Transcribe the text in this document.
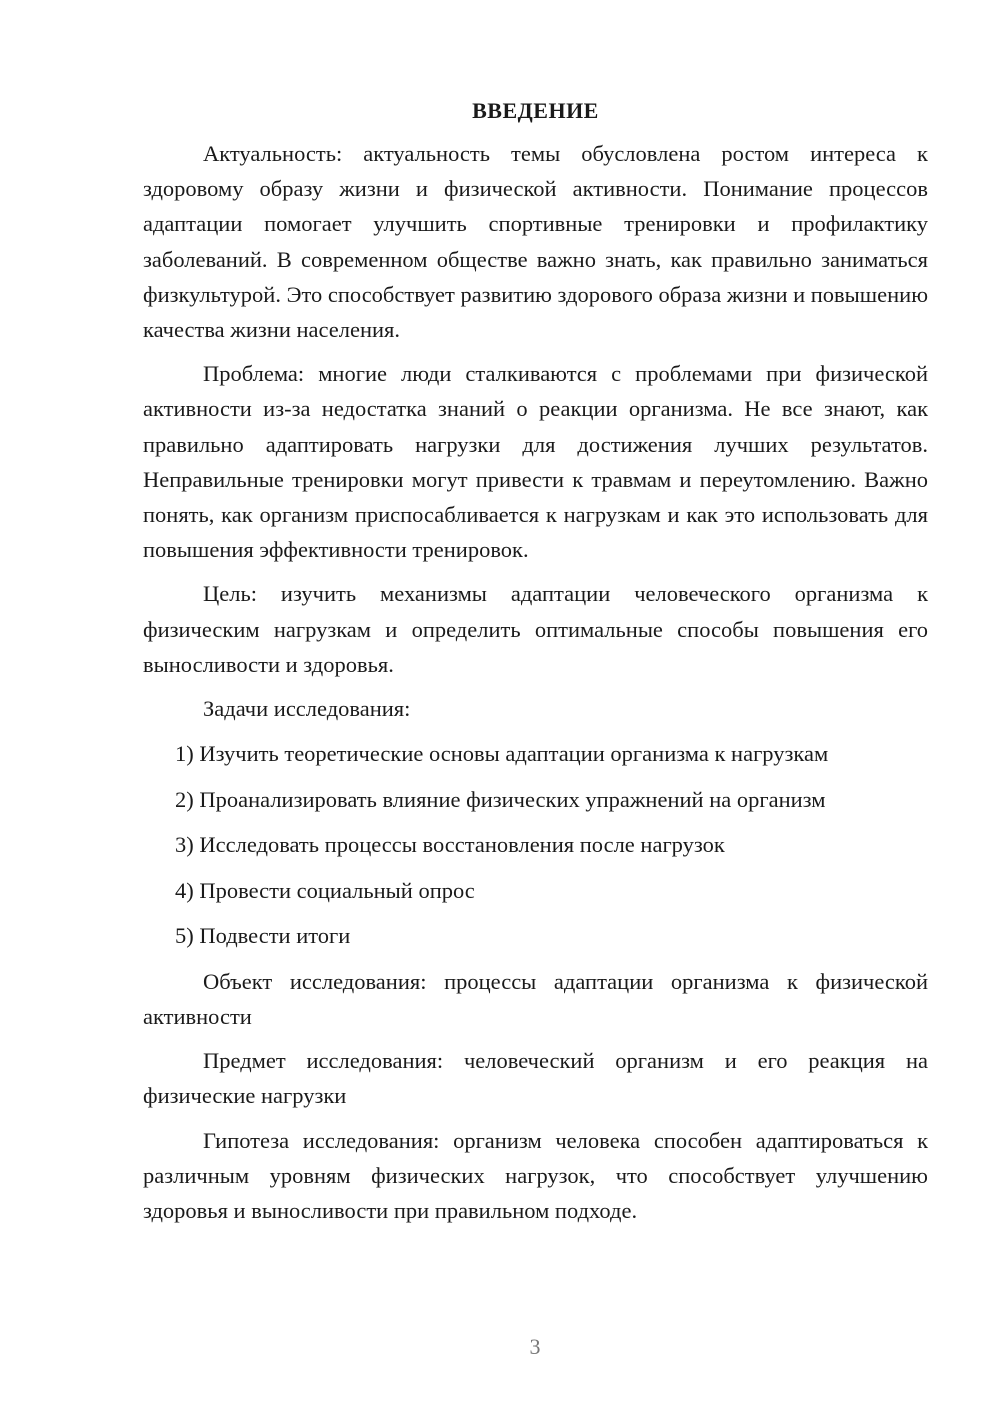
ВВЕДЕНИЕ

Актуальность: актуальность темы обусловлена ростом интереса к здоровому образу жизни и физической активности. Понимание процессов адаптации помогает улучшить спортивные тренировки и профилактику заболеваний. В современном обществе важно знать, как правильно заниматься физкультурой. Это способствует развитию здорового образа жизни и повышению качества жизни населения.

Проблема: многие люди сталкиваются с проблемами при физической активности из-за недостатка знаний о реакции организма. Не все знают, как правильно адаптировать нагрузки для достижения лучших результатов. Неправильные тренировки могут привести к травмам и переутомлению. Важно понять, как организм приспосабливается к нагрузкам и как это использовать для повышения эффективности тренировок.

Цель: изучить механизмы адаптации человеческого организма к физическим нагрузкам и определить оптимальные способы повышения его выносливости и здоровья.

Задачи исследования:

1) Изучить теоретические основы адаптации организма к нагрузкам
2) Проанализировать влияние физических упражнений на организм
3) Исследовать процессы восстановления после нагрузок
4) Провести социальный опрос
5) Подвести итоги

Объект исследования: процессы адаптации организма к физической активности

Предмет исследования: человеческий организм и его реакция на физические нагрузки

Гипотеза исследования: организм человека способен адаптироваться к различным уровням физических нагрузок, что способствует улучшению здоровья и выносливости при правильном подходе.

3
